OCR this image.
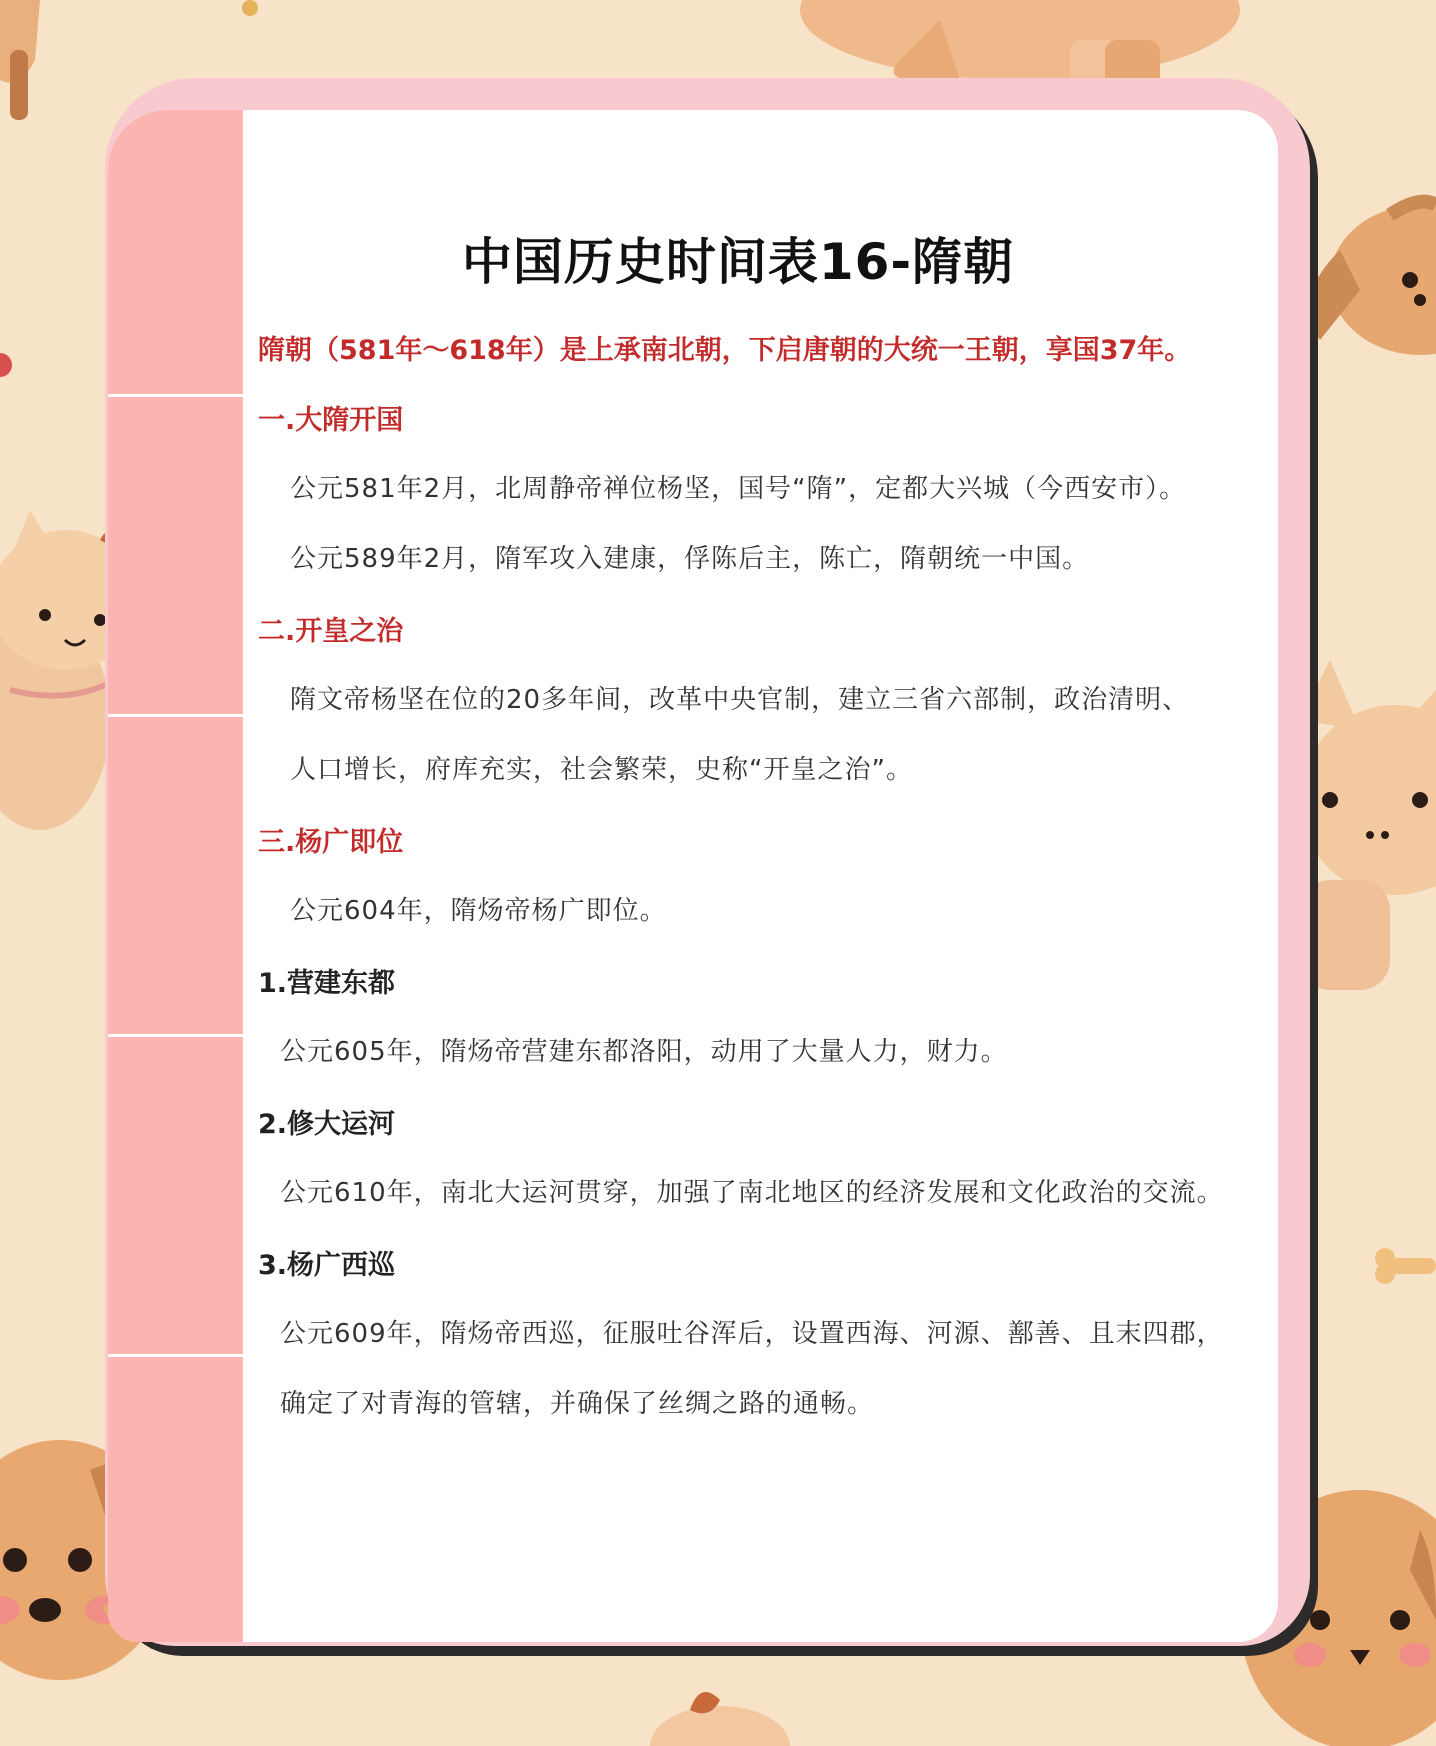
中国历史时间表16-隋朝
隋朝（581年～618年）是上承南北朝，下启唐朝的大统一王朝，享国37年。
一.大隋开国
公元581年2月，北周静帝禅位杨坚，国号“隋”，定都大兴城（今西安市）。
公元589年2月，隋军攻入建康，俘陈后主，陈亡，隋朝统一中国。
二.开皇之治
隋文帝杨坚在位的20多年间，改革中央官制，建立三省六部制，政治清明、
人口增长，府库充实，社会繁荣，史称“开皇之治”。
三.杨广即位
公元604年，隋炀帝杨广即位。
1.营建东都
公元605年，隋炀帝营建东都洛阳，动用了大量人力，财力。
2.修大运河
公元610年，南北大运河贯穿，加强了南北地区的经济发展和文化政治的交流。
3.杨广西巡
公元609年，隋炀帝西巡，征服吐谷浑后，设置西海、河源、鄯善、且末四郡，
确定了对青海的管辖，并确保了丝绸之路的通畅。
